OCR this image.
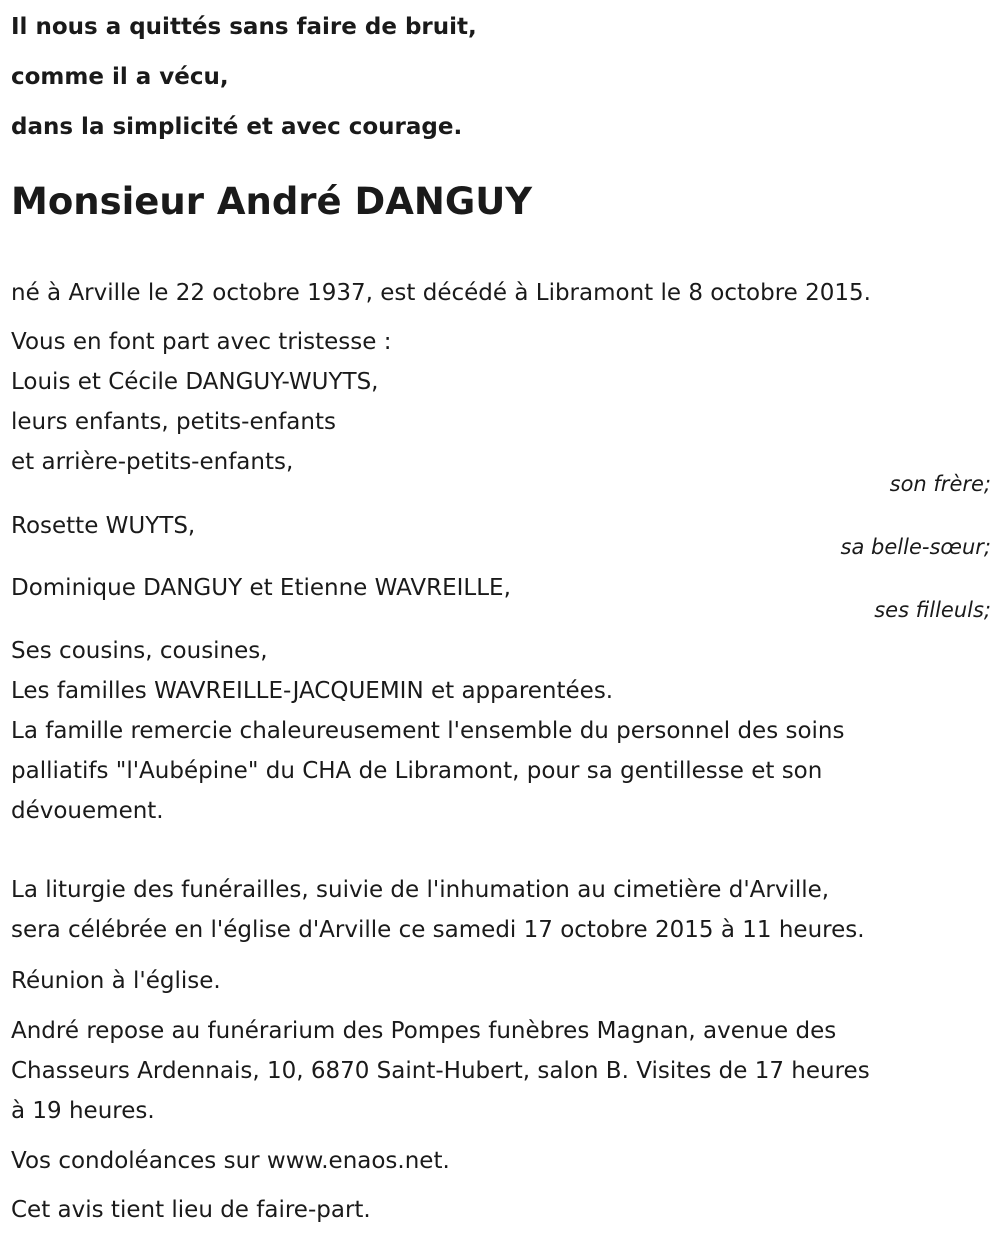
Il nous a quittés sans faire de bruit,
comme il a vécu,
dans la simplicité et avec courage.
Monsieur André DANGUY
né à Arville le 22 octobre 1937, est décédé à Libramont le 8 octobre 2015.
Vous en font part avec tristesse :
Louis et Cécile DANGUY-WUYTS,
leurs enfants, petits-enfants
et arrière-petits-enfants,
son frère;
Rosette WUYTS,
sa belle-sœur;
Dominique DANGUY et Etienne WAVREILLE,
ses filleuls;
Ses cousins, cousines,
Les familles WAVREILLE-JACQUEMIN et apparentées.
La famille remercie chaleureusement l'ensemble du personnel des soins
palliatifs "l'Aubépine" du CHA de Libramont, pour sa gentillesse et son
dévouement.
La liturgie des funérailles, suivie de l'inhumation au cimetière d'Arville,
sera célébrée en l'église d'Arville ce samedi 17 octobre 2015 à 11 heures.
Réunion à l'église.
André repose au funérarium des Pompes funèbres Magnan, avenue des
Chasseurs Ardennais, 10, 6870 Saint-Hubert, salon B. Visites de 17 heures
à 19 heures.
Vos condoléances sur www.enaos.net.
Cet avis tient lieu de faire-part.
